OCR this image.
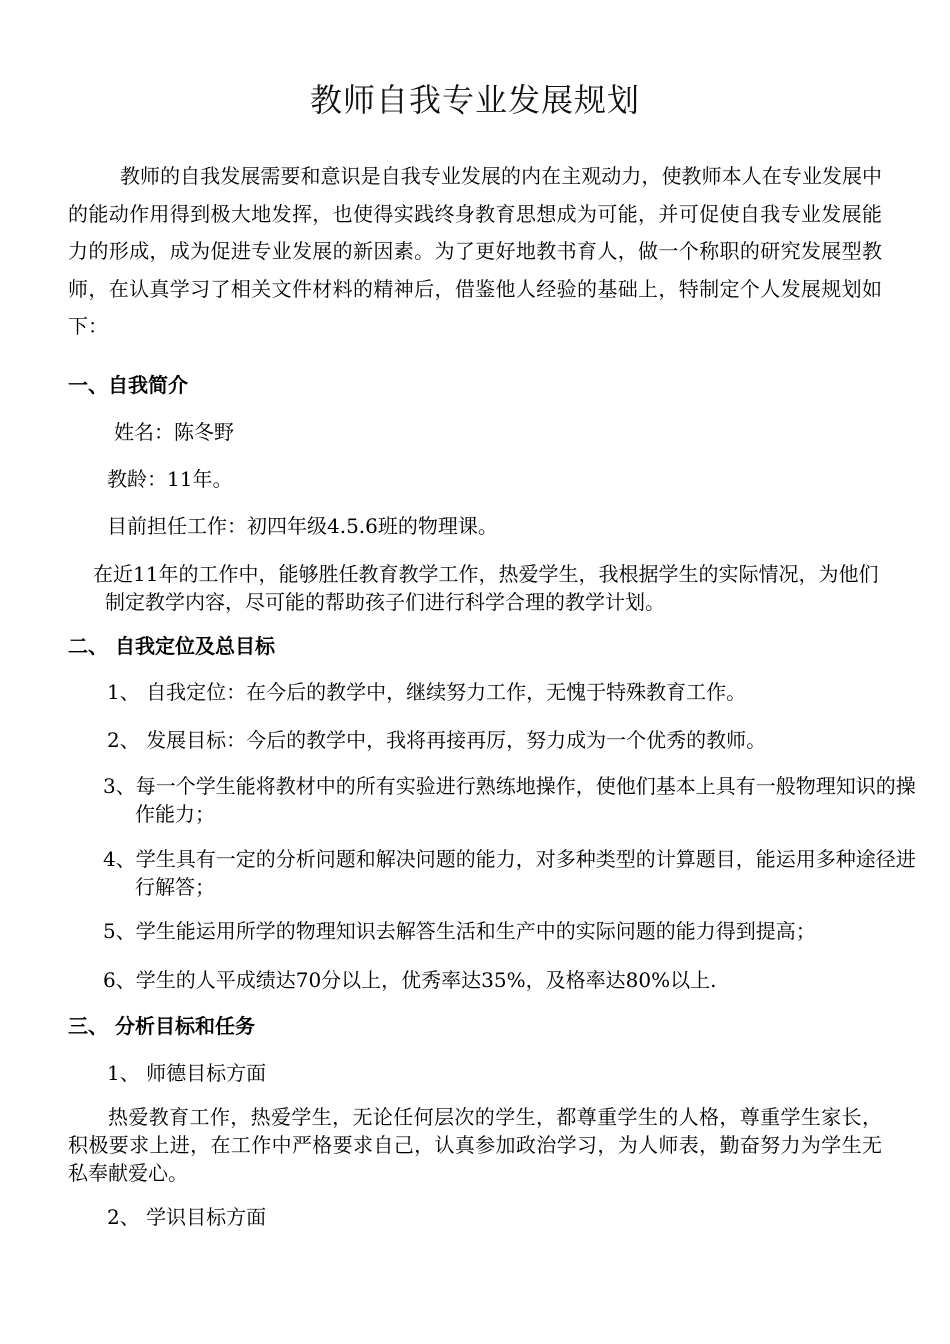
教师自我专业发展规划

教师的自我发展需要和意识是自我专业发展的内在主观动力，使教师本人在专业发展中的能动作用得到极大地发挥，也使得实践终身教育思想成为可能，并可促使自我专业发展能力的形成，成为促进专业发展的新因素。为了更好地教书育人，做一个称职的研究发展型教师，在认真学习了相关文件材料的精神后，借鉴他人经验的基础上，特制定个人发展规划如下：

一、自我简介
姓名：陈冬野
教龄：11年。
目前担任工作：初四年级4.5.6班的物理课。

在近11年的工作中，能够胜任教育教学工作，热爱学生，我根据学生的实际情况，为他们制定教学内容，尽可能的帮助孩子们进行科学合理的教学计划。

二、 自我定位及总目标
1、 自我定位：在今后的教学中，继续努力工作，无愧于特殊教育工作。
2、 发展目标：今后的教学中，我将再接再厉，努力成为一个优秀的教师。

3、每一个学生能将教材中的所有实验进行熟练地操作，使他们基本上具有一般物理知识的操作能力；

4、学生具有一定的分析问题和解决问题的能力，对多种类型的计算题目，能运用多种途径进行解答；

5、学生能运用所学的物理知识去解答生活和生产中的实际问题的能力得到提高；
6、学生的人平成绩达70分以上，优秀率达35%，及格率达80%以上.
三、 分析目标和任务
1、 师德目标方面

热爱教育工作，热爱学生，无论任何层次的学生，都尊重学生的人格，尊重学生家长，积极要求上进，在工作中严格要求自己，认真参加政治学习，为人师表，勤奋努力为学生无私奉献爱心。

2、 学识目标方面
